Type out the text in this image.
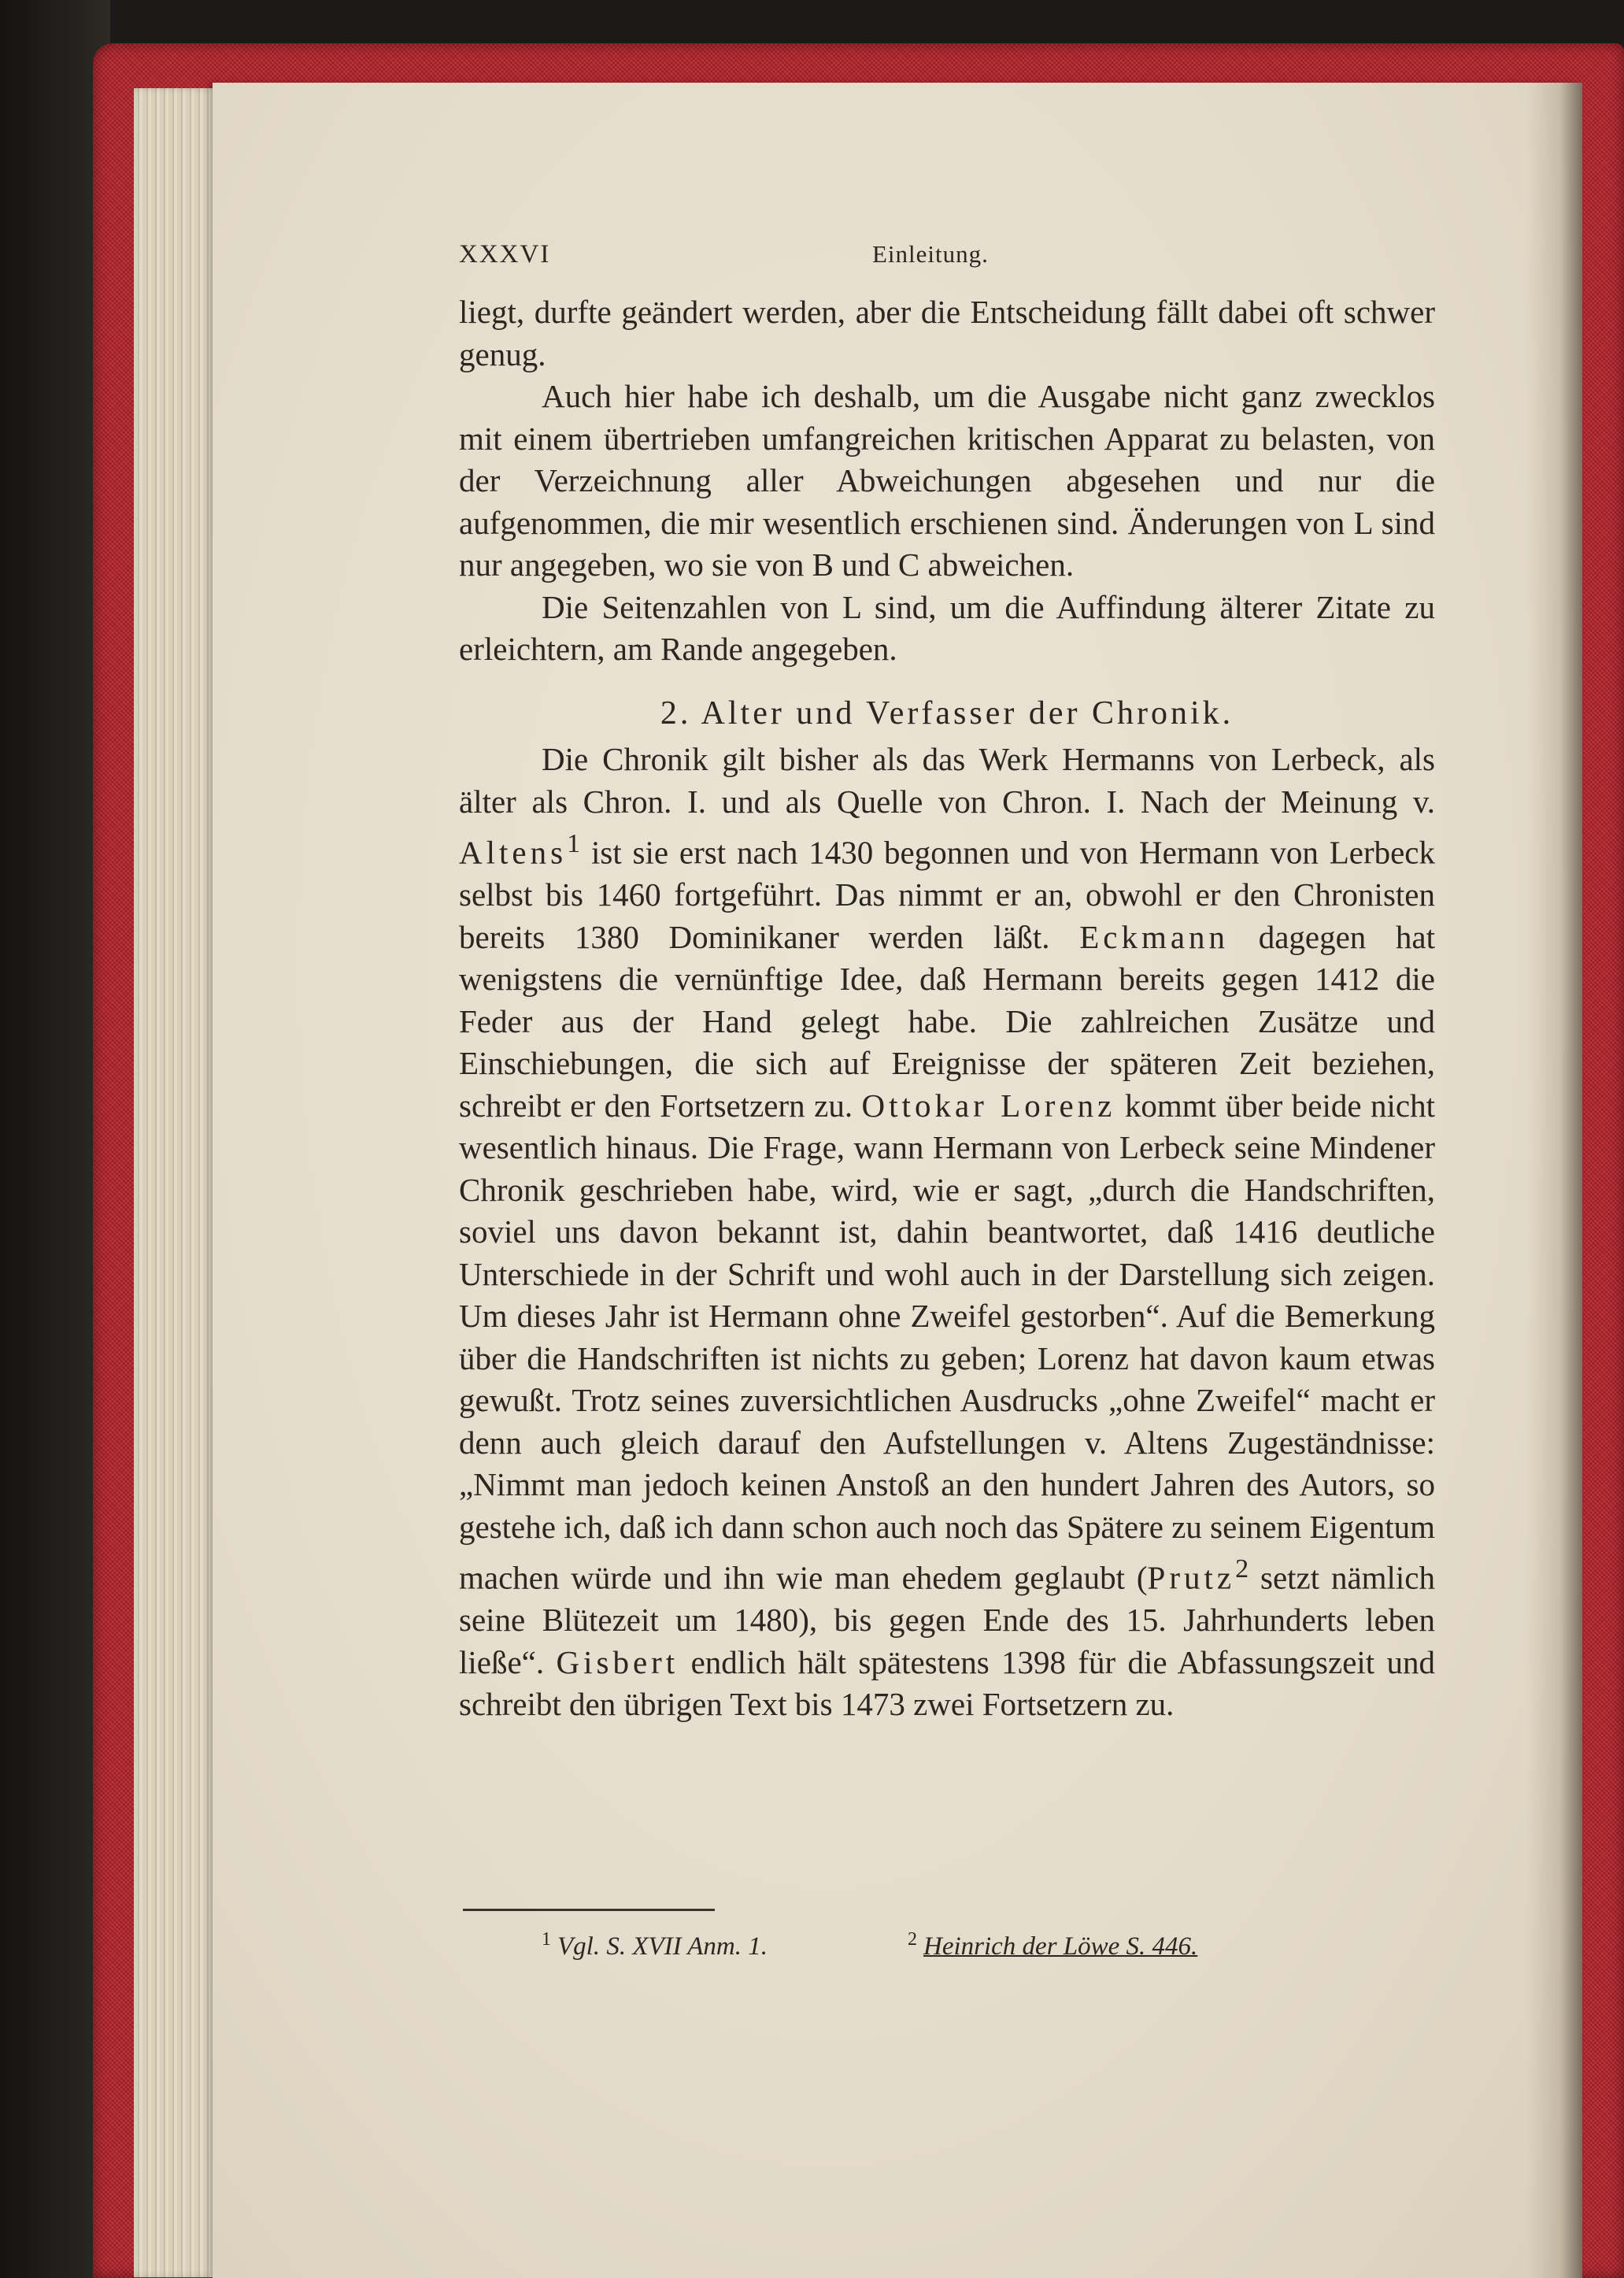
XXXVI	Einleitung.

liegt, durfte geändert werden, aber die Entscheidung fällt dabei oft schwer genug.

Auch hier habe ich deshalb, um die Ausgabe nicht ganz zwecklos mit einem übertrieben umfangreichen kritischen Apparat zu belasten, von der Verzeichnung aller Abweichungen abgesehen und nur die aufgenommen, die mir wesentlich erschienen sind. Änderungen von L sind nur angegeben, wo sie von B und C abweichen.

Die Seitenzahlen von L sind, um die Auffindung älterer Zitate zu erleichtern, am Rande angegeben.

2. Alter und Verfasser der Chronik.

Die Chronik gilt bisher als das Werk Hermanns von Lerbeck, als älter als Chron. I. und als Quelle von Chron. I. Nach der Meinung v. Altens$^1$ ist sie erst nach 1430 begonnen und von Hermann von Lerbeck selbst bis 1460 fortgeführt. Das nimmt er an, obwohl er den Chronisten bereits 1380 Dominikaner werden läßt. Eckmann dagegen hat wenigstens die vernünftige Idee, daß Hermann bereits gegen 1412 die Feder aus der Hand gelegt habe. Die zahlreichen Zusätze und Einschiebungen, die sich auf Ereignisse der späteren Zeit beziehen, schreibt er den Fortsetzern zu. Ottokar Lorenz kommt über beide nicht wesentlich hinaus. Die Frage, wann Hermann von Lerbeck seine Mindener Chronik geschrieben habe, wird, wie er sagt, „durch die Handschriften, soviel uns davon bekannt ist, dahin beantwortet, daß 1416 deutliche Unterschiede in der Schrift und wohl auch in der Darstellung sich zeigen. Um dieses Jahr ist Hermann ohne Zweifel gestorben“. Auf die Bemerkung über die Handschriften ist nichts zu geben; Lorenz hat davon kaum etwas gewußt. Trotz seines zuversichtlichen Ausdrucks „ohne Zweifel“ macht er denn auch gleich darauf den Aufstellungen v. Altens Zugeständnisse: „Nimmt man jedoch keinen Anstoß an den hundert Jahren des Autors, so gestehe ich, daß ich dann schon auch noch das Spätere zu seinem Eigentum machen würde und ihn wie man ehedem geglaubt (Prutz$^2$ setzt nämlich seine Blütezeit um 1480), bis gegen Ende des 15. Jahrhunderts leben ließe“. Gisbert endlich hält spätestens 1398 für die Abfassungszeit und schreibt den übrigen Text bis 1473 zwei Fortsetzern zu.

$^1$ Vgl. S. XVII Anm. 1.	$^2$ Heinrich der Löwe S. 446.
